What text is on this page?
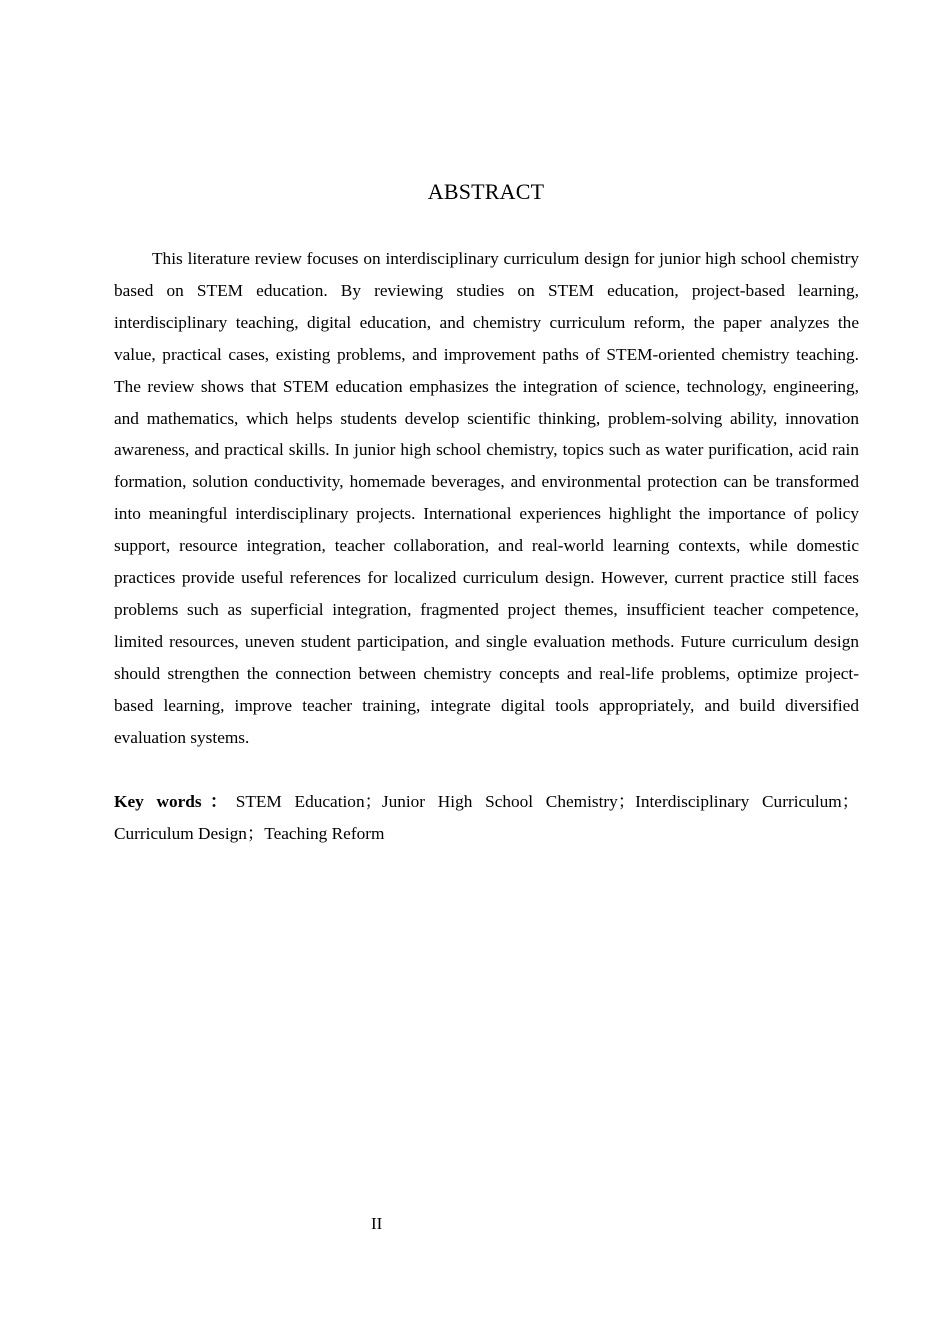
ABSTRACT

This literature review focuses on interdisciplinary curriculum design for junior high school chemistry based on STEM education. By reviewing studies on STEM education, project-based learning, interdisciplinary teaching, digital education, and chemistry curriculum reform, the paper analyzes the value, practical cases, existing problems, and improvement paths of STEM-oriented chemistry teaching. The review shows that STEM education emphasizes the integration of science, technology, engineering, and mathematics, which helps students develop scientific thinking, problem-solving ability, innovation awareness, and practical skills. In junior high school chemistry, topics such as water purification, acid rain formation, solution conductivity, homemade beverages, and environmental protection can be transformed into meaningful interdisciplinary projects. International experiences highlight the importance of policy support, resource integration, teacher collaboration, and real-world learning contexts, while domestic practices provide useful references for localized curriculum design. However, current practice still faces problems such as superficial integration, fragmented project themes, insufficient teacher competence, limited resources, uneven student participation, and single evaluation methods. Future curriculum design should strengthen the connection between chemistry concepts and real-life problems, optimize project-based learning, improve teacher training, integrate digital tools appropriately, and build diversified evaluation systems.

Key words：STEM Education；Junior High School Chemistry；Interdisciplinary Curriculum；Curriculum Design；Teaching Reform

II
